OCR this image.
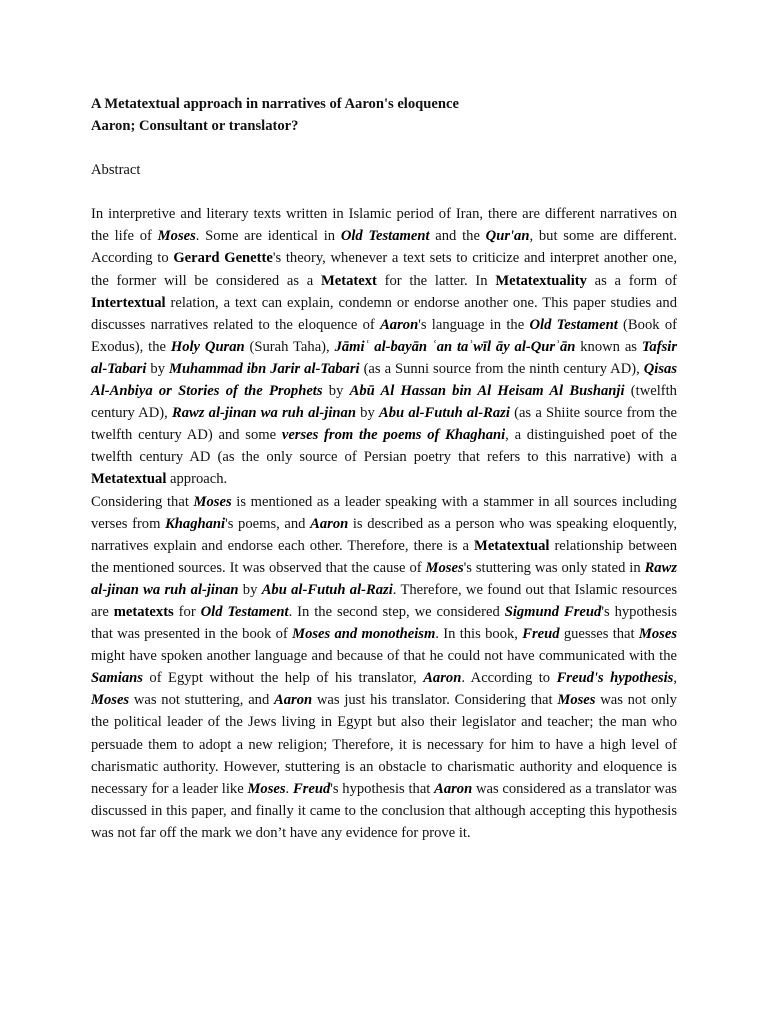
A Metatextual approach in narratives of Aaron's eloquence
Aaron; Consultant or translator?
Abstract

In interpretive and literary texts written in Islamic period of Iran, there are different narratives on the life of Moses. Some are identical in Old Testament and the Qur'an, but some are different. According to Gerard Genette's theory, whenever a text sets to criticize and interpret another one, the former will be considered as a Metatext for the latter. In Metatextuality as a form of Intertextual relation, a text can explain, condemn or endorse another one. This paper studies and discusses narratives related to the eloquence of Aaron's language in the Old Testament (Book of Exodus), the Holy Quran (Surah Taha), Jāmiʿ al-bayān ʿan taʾwīl āy al-Qurʾān known as Tafsir al-Tabari by Muhammad ibn Jarir al-Tabari (as a Sunni source from the ninth century AD), Qisas Al-Anbiya or Stories of the Prophets by Abū Al Hassan bin Al Heisam Al Bushanji (twelfth century AD), Rawz al-jinan wa ruh al-jinan by Abu al-Futuh al-Razi (as a Shiite source from the twelfth century AD) and some verses from the poems of Khaghani, a distinguished poet of the twelfth century AD (as the only source of Persian poetry that refers to this narrative) with a Metatextual approach.

Considering that Moses is mentioned as a leader speaking with a stammer in all sources including verses from Khaghani's poems, and Aaron is described as a person who was speaking eloquently, narratives explain and endorse each other. Therefore, there is a Metatextual relationship between the mentioned sources. It was observed that the cause of Moses's stuttering was only stated in Rawz al-jinan wa ruh al-jinan by Abu al-Futuh al-Razi. Therefore, we found out that Islamic resources are metatexts for Old Testament. In the second step, we considered Sigmund Freud's hypothesis that was presented in the book of Moses and monotheism. In this book, Freud guesses that Moses might have spoken another language and because of that he could not have communicated with the Samians of Egypt without the help of his translator, Aaron. According to Freud's hypothesis, Moses was not stuttering, and Aaron was just his translator. Considering that Moses was not only the political leader of the Jews living in Egypt but also their legislator and teacher; the man who persuade them to adopt a new religion; Therefore, it is necessary for him to have a high level of charismatic authority. However, stuttering is an obstacle to charismatic authority and eloquence is necessary for a leader like Moses. Freud's hypothesis that Aaron was considered as a translator was discussed in this paper, and finally it came to the conclusion that although accepting this hypothesis was not far off the mark we don’t have any evidence for prove it.
